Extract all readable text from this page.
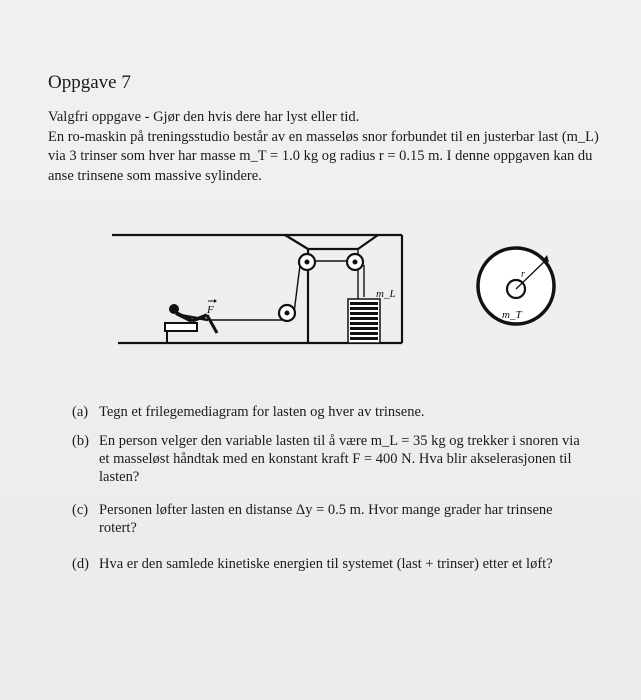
Oppgave 7

Valgfri oppgave - Gjør den hvis dere har lyst eller tid.

En ro-maskin på treningsstudio består av en masseløs snor forbundet til en justerbar last (m_L) via 3 trinser som hver har masse m_T = 1.0 kg og radius r = 0.15 m. I denne oppgaven kan du anse trinsene som massive sylindere.

m_L
F
r
m_T
(a) Tegn et frilegemediagram for lasten og hver av trinsene.
(b) En person velger den variable lasten til å være m_L = 35 kg og trekker i snoren via et masseløst håndtak med en konstant kraft F = 400 N. Hva blir akselerasjonen til lasten?
(c) Personen løfter lasten en distanse Δy = 0.5 m. Hvor mange grader har trinsene rotert?
(d) Hva er den samlede kinetiske energien til systemet (last + trinser) etter et løft?
